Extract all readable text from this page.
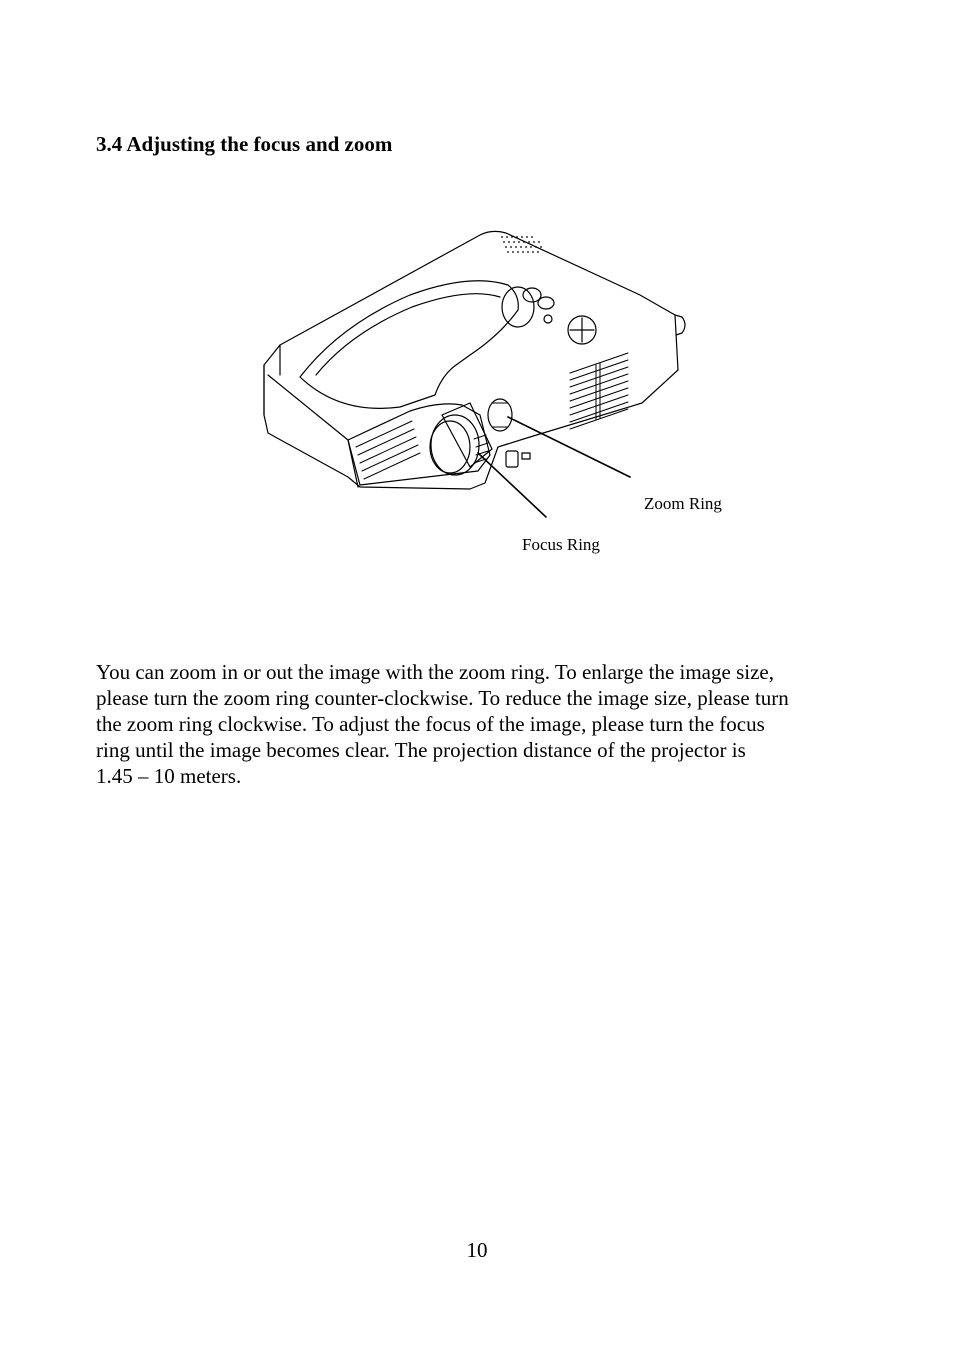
3.4 Adjusting the focus and zoom
Zoom Ring
Focus Ring

You can zoom in or out the image with the zoom ring. To enlarge the image size,
please turn the zoom ring counter-clockwise. To reduce the image size, please turn
the zoom ring clockwise. To adjust the focus of the image, please turn the focus
ring until the image becomes clear. The projection distance of the projector is
1.45 – 10 meters.

10
